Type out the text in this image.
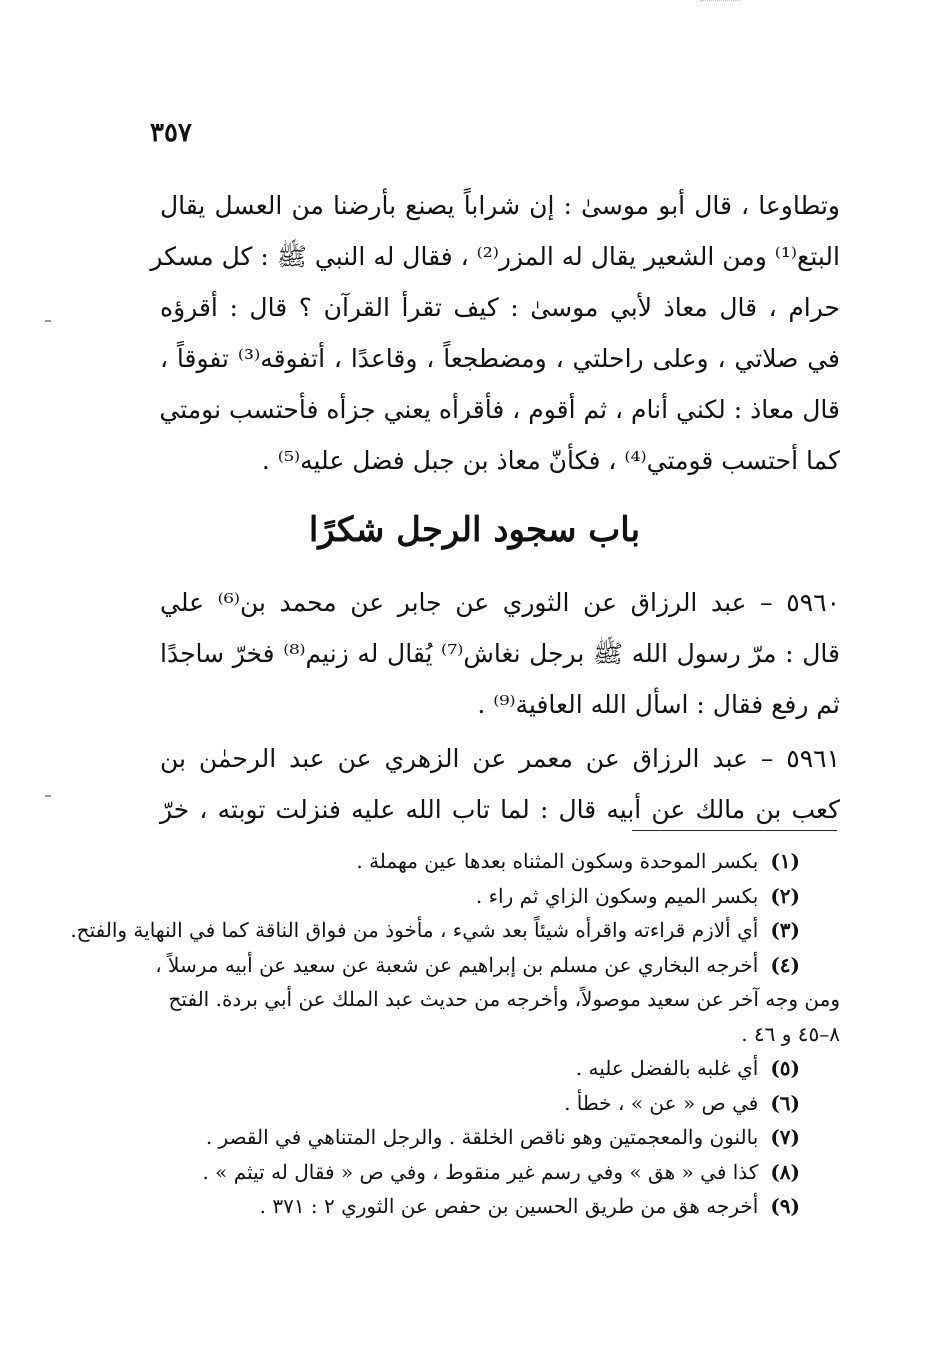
٣٥٧
وتطاوعا ، قال أبو موسىٰ : إن شراباً يصنع بأرضنا من العسل يقال
البتع⁽¹⁾ ومن الشعير يقال له المزر⁽²⁾ ، فقال له النبي ﷺ : كل مسكر
حرام ، قال معاذ لأبي موسىٰ : كيف تقرأ القرآن ؟ قال : أقرؤه
في صلاتي ، وعلى راحلتي ، ومضطجعاً ، وقاعدًا ، أتفوقه⁽³⁾ تفوقاً ،
قال معاذ : لكني أنام ، ثم أقوم ، فأقرأه يعني جزأه فأحتسب نومتي
كما أحتسب قومتي⁽⁴⁾ ، فكأنّ معاذ بن جبل فضل عليه⁽⁵⁾ .
باب سجود الرجل شكرًا
٥٩٦٠ – عبد الرزاق عن الثوري عن جابر عن محمد بن⁽⁶⁾ علي
قال : مرّ رسول الله ﷺ برجل نغاش⁽⁷⁾ يُقال له زنيم⁽⁸⁾ فخرّ ساجدًا
ثم رفع فقال : اسأل الله العافية⁽⁹⁾ .
٥٩٦١ – عبد الرزاق عن معمر عن الزهري عن عبد الرحمٰن بن
كعب بن مالك عن أبيه قال : لما تاب الله عليه فنزلت توبته ، خرّ
(١)بكسر الموحدة وسكون المثناه بعدها عين مهملة .
(٢)بكسر الميم وسكون الزاي ثم راء .
(٣)أي ألازم قراءته واقرأه شيئاً بعد شيء ، مأخوذ من فواق الناقة كما في النهاية والفتح.
(٤)أخرجه البخاري عن مسلم بن إبراهيم عن شعبة عن سعيد عن أبيه مرسلاً ،
ومن وجه آخر عن سعيد موصولاً، وأخرجه من حديث عبد الملك عن أبي بردة. الفتح
٨–٤٥ و ٤٦ .
(٥)أي غلبه بالفضل عليه .
(٦)في ص « عن » ، خطأ .
(٧)بالنون والمعجمتين وهو ناقص الخلقة . والرجل المتناهي في القصر .
(٨)كذا في « هق » وفي رسم غير منقوط ، وفي ص « فقال له تيثم » .
(٩)أخرجه هق من طريق الحسين بن حفص عن الثوري ٢ : ٣٧١ .
